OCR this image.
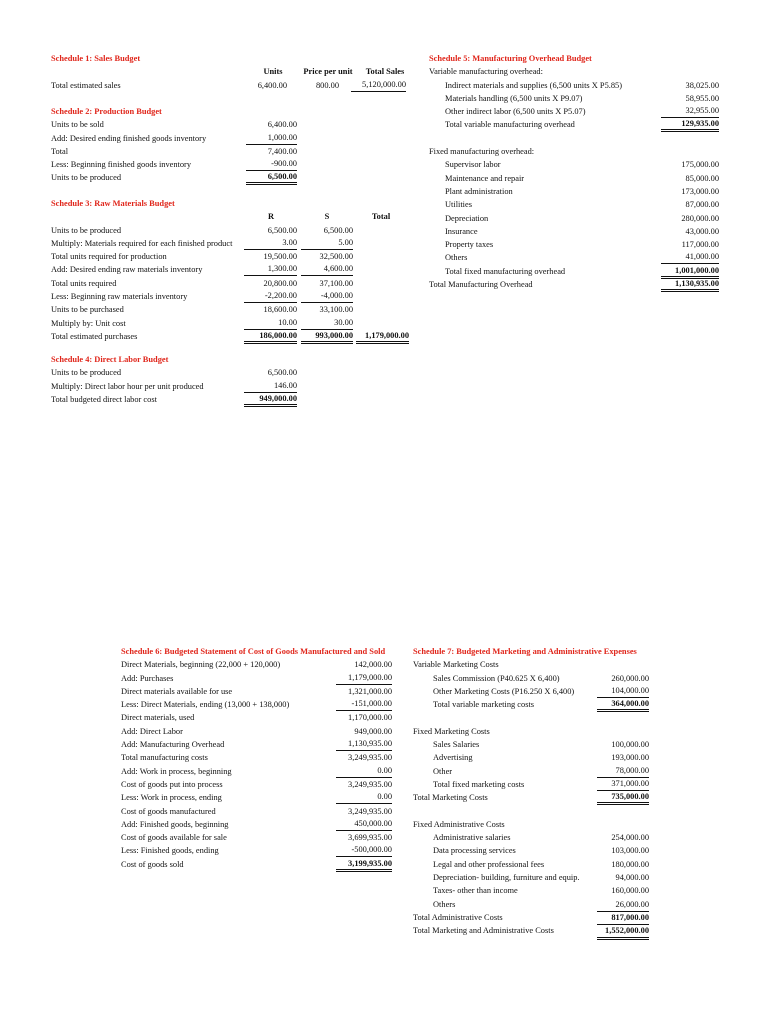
Schedule 1: Sales Budget
Units	Price per unit	Total Sales
Total estimated sales	6,400.00	800.00	5,120,000.00
Schedule 2: Production Budget
Units to be sold	6,400.00
Add: Desired ending finished goods inventory	1,000.00
Total	7,400.00
Less: Beginning finished goods inventory	-900.00
Units to be produced	6,500.00
Schedule 3: Raw Materials Budget
R	S	Total
Units to be produced	6,500.00	6,500.00
Multiply: Materials required for each finished product	3.00	5.00
Total units required for production	19,500.00	32,500.00
Add: Desired ending raw materials inventory	1,300.00	4,600.00
Total units required	20,800.00	37,100.00
Less: Beginning raw materials inventory	-2,200.00	-4,000.00
Units to be purchased	18,600.00	33,100.00
Multiply by: Unit cost	10.00	30.00
Total estimated purchases	186,000.00	993,000.00	1,179,000.00
Schedule 4: Direct Labor Budget
Units to be produced	6,500.00
Multiply: Direct labor hour per unit produced	146.00
Total budgeted direct labor cost	949,000.00
Schedule 5: Manufacturing Overhead Budget
Variable manufacturing overhead:
Indirect materials and supplies (6,500 units X P5.85)	38,025.00
Materials handling (6,500 units X P9.07)	58,955.00
Other indirect labor (6,500 units X P5.07)	32,955.00
Total variable manufacturing overhead	129,935.00
Fixed manufacturing overhead:
Supervisor labor	175,000.00
Maintenance and repair	85,000.00
Plant administration	173,000.00
Utilities	87,000.00
Depreciation	280,000.00
Insurance	43,000.00
Property taxes	117,000.00
Others	41,000.00
Total fixed manufacturing overhead	1,001,000.00
Total Manufacturing Overhead	1,130,935.00
Schedule 6: Budgeted Statement of Cost of Goods Manufactured and Sold
Direct Materials, beginning (22,000 + 120,000)	142,000.00
Add: Purchases	1,179,000.00
Direct materials available for use	1,321,000.00
Less: Direct Materials, ending (13,000 + 138,000)	-151,000.00
Direct materials, used	1,170,000.00
Add: Direct Labor	949,000.00
Add: Manufacturing Overhead	1,130,935.00
Total manufacturing costs	3,249,935.00
Add: Work in process, beginning	0.00
Cost of goods put into process	3,249,935.00
Less: Work in process, ending	0.00
Cost of goods manufactured	3,249,935.00
Add: Finished goods, beginning	450,000.00
Cost of goods available for sale	3,699,935.00
Less: Finished goods, ending	-500,000.00
Cost of goods sold	3,199,935.00
Schedule 7: Budgeted Marketing and Administrative Expenses
Variable Marketing Costs
Sales Commission (P40.625 X 6,400)	260,000.00
Other Marketing Costs (P16.250 X 6,400)	104,000.00
Total variable marketing costs	364,000.00
Fixed Marketing Costs
Sales Salaries	100,000.00
Advertising	193,000.00
Other	78,000.00
Total fixed marketing costs	371,000.00
Total Marketing Costs	735,000.00
Fixed Administrative Costs
Administrative salaries	254,000.00
Data processing services	103,000.00
Legal and other professional fees	180,000.00
Depreciation- building, furniture and equip.	94,000.00
Taxes- other than income	160,000.00
Others	26,000.00
Total Administrative Costs	817,000.00
Total Marketing and Administrative Costs	1,552,000.00
